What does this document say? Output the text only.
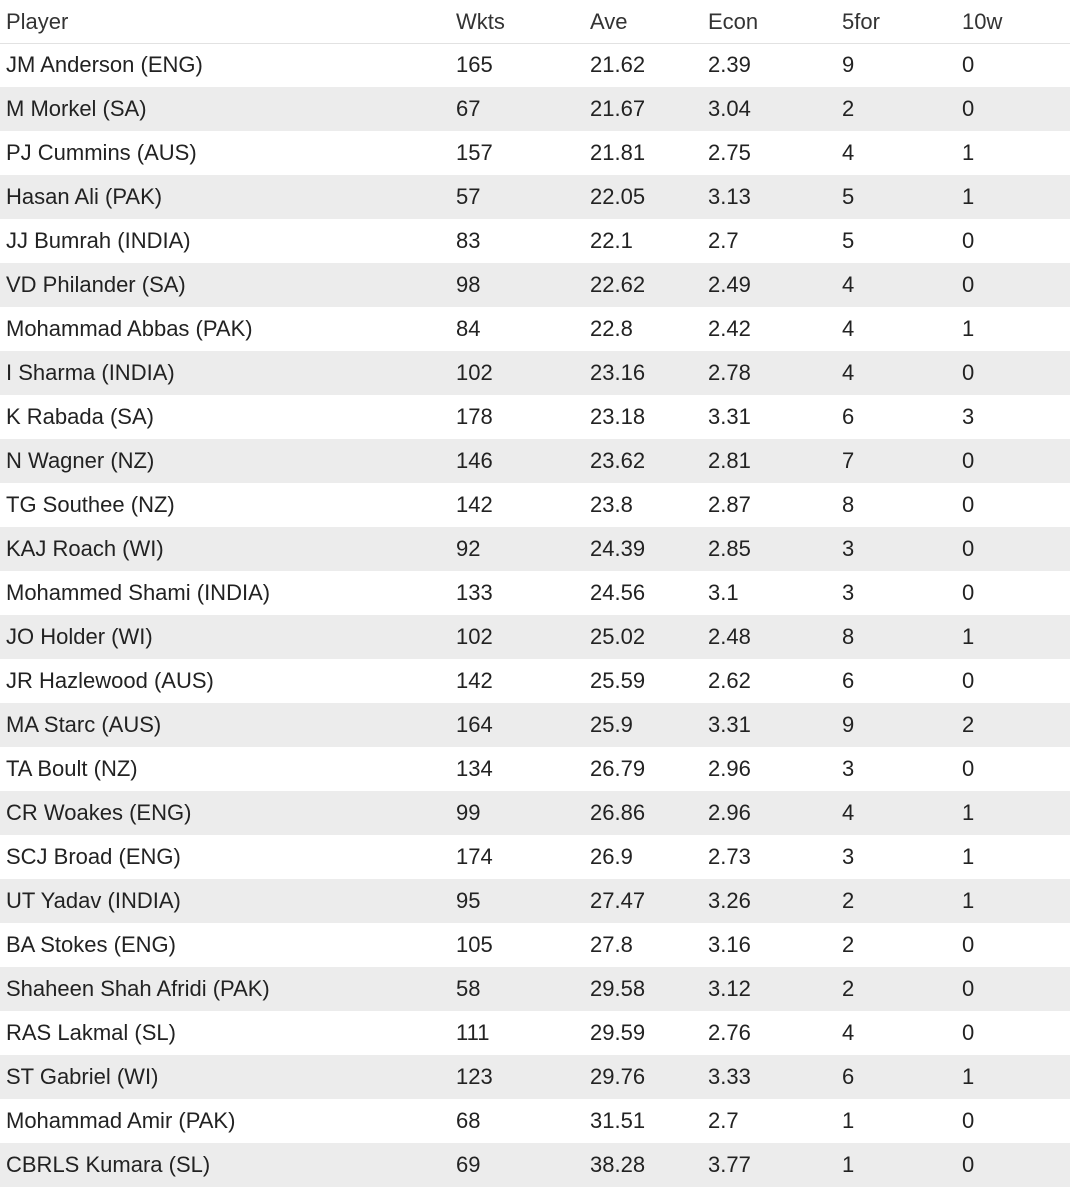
Player	Wkts	Ave	Econ	5for	10w
JM Anderson (ENG)	165	21.62	2.39	9	0
M Morkel (SA)	67	21.67	3.04	2	0
PJ Cummins (AUS)	157	21.81	2.75	4	1
Hasan Ali (PAK)	57	22.05	3.13	5	1
JJ Bumrah (INDIA)	83	22.1	2.7	5	0
VD Philander (SA)	98	22.62	2.49	4	0
Mohammad Abbas (PAK)	84	22.8	2.42	4	1
I Sharma (INDIA)	102	23.16	2.78	4	0
K Rabada (SA)	178	23.18	3.31	6	3
N Wagner (NZ)	146	23.62	2.81	7	0
TG Southee (NZ)	142	23.8	2.87	8	0
KAJ Roach (WI)	92	24.39	2.85	3	0
Mohammed Shami (INDIA)	133	24.56	3.1	3	0
JO Holder (WI)	102	25.02	2.48	8	1
JR Hazlewood (AUS)	142	25.59	2.62	6	0
MA Starc (AUS)	164	25.9	3.31	9	2
TA Boult (NZ)	134	26.79	2.96	3	0
CR Woakes (ENG)	99	26.86	2.96	4	1
SCJ Broad (ENG)	174	26.9	2.73	3	1
UT Yadav (INDIA)	95	27.47	3.26	2	1
BA Stokes (ENG)	105	27.8	3.16	2	0
Shaheen Shah Afridi (PAK)	58	29.58	3.12	2	0
RAS Lakmal (SL)	111	29.59	2.76	4	0
ST Gabriel (WI)	123	29.76	3.33	6	1
Mohammad Amir (PAK)	68	31.51	2.7	1	0
CBRLS Kumara (SL)	69	38.28	3.77	1	0
